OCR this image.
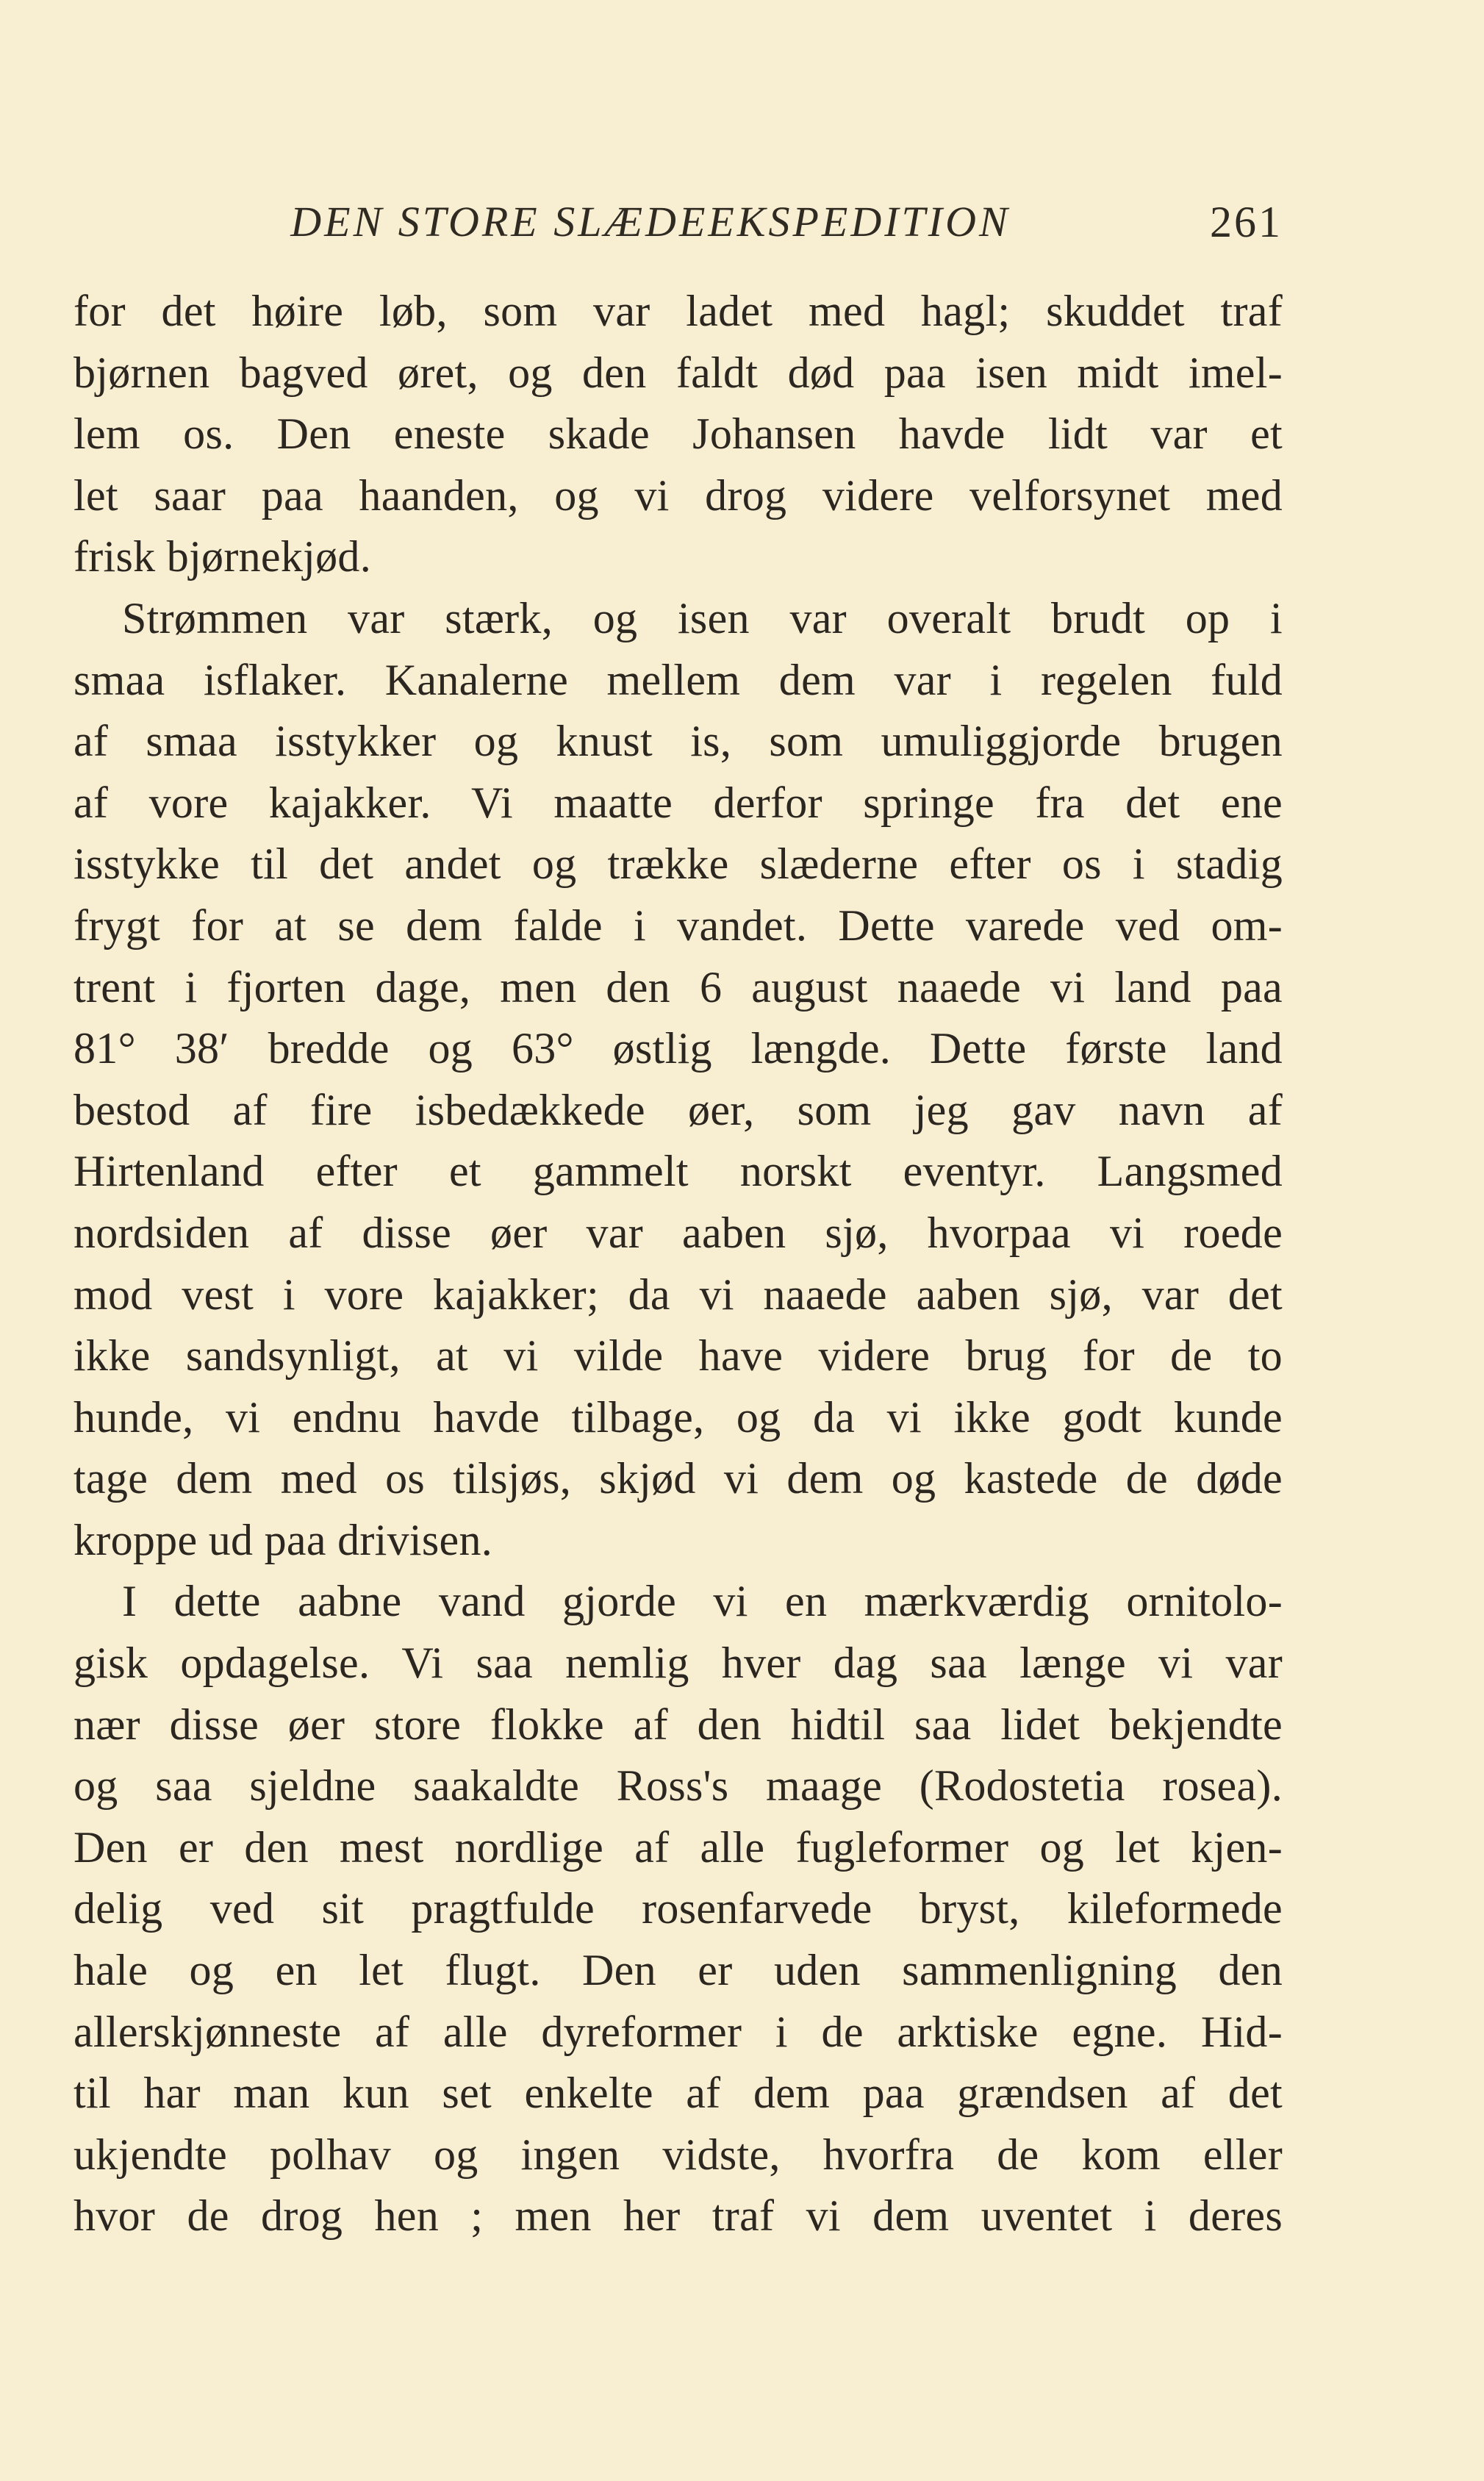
DEN STORE SLÆDEEKSPEDITION	261
for det høire løb, som var ladet med hagl; skuddet traf
bjørnen bagved øret, og den faldt død paa isen midt imel-
lem os. Den eneste skade Johansen havde lidt var et
let saar paa haanden, og vi drog videre velforsynet med
frisk bjørnekjød.
Strømmen var stærk, og isen var overalt brudt op i
smaa isflaker. Kanalerne mellem dem var i regelen fuld
af smaa isstykker og knust is, som umuliggjorde brugen
af vore kajakker. Vi maatte derfor springe fra det ene
isstykke til det andet og trække slæderne efter os i stadig
frygt for at se dem falde i vandet. Dette varede ved om-
trent i fjorten dage, men den 6 august naaede vi land paa
81° 38′ bredde og 63° østlig længde. Dette første land
bestod af fire isbedækkede øer, som jeg gav navn af
Hirtenland efter et gammelt norskt eventyr. Langsmed
nordsiden af disse øer var aaben sjø, hvorpaa vi roede
mod vest i vore kajakker; da vi naaede aaben sjø, var det
ikke sandsynligt, at vi vilde have videre brug for de to
hunde, vi endnu havde tilbage, og da vi ikke godt kunde
tage dem med os tilsjøs, skjød vi dem og kastede de døde
kroppe ud paa drivisen.
I dette aabne vand gjorde vi en mærkværdig ornitolo-
gisk opdagelse. Vi saa nemlig hver dag saa længe vi var
nær disse øer store flokke af den hidtil saa lidet bekjendte
og saa sjeldne saakaldte Ross's maage (Rodostetia rosea).
Den er den mest nordlige af alle fugleformer og let kjen-
delig ved sit pragtfulde rosenfarvede bryst, kileformede
hale og en let flugt. Den er uden sammenligning den
allerskjønneste af alle dyreformer i de arktiske egne. Hid-
til har man kun set enkelte af dem paa grændsen af det
ukjendte polhav og ingen vidste, hvorfra de kom eller
hvor de drog hen ; men her traf vi dem uventet i deres
